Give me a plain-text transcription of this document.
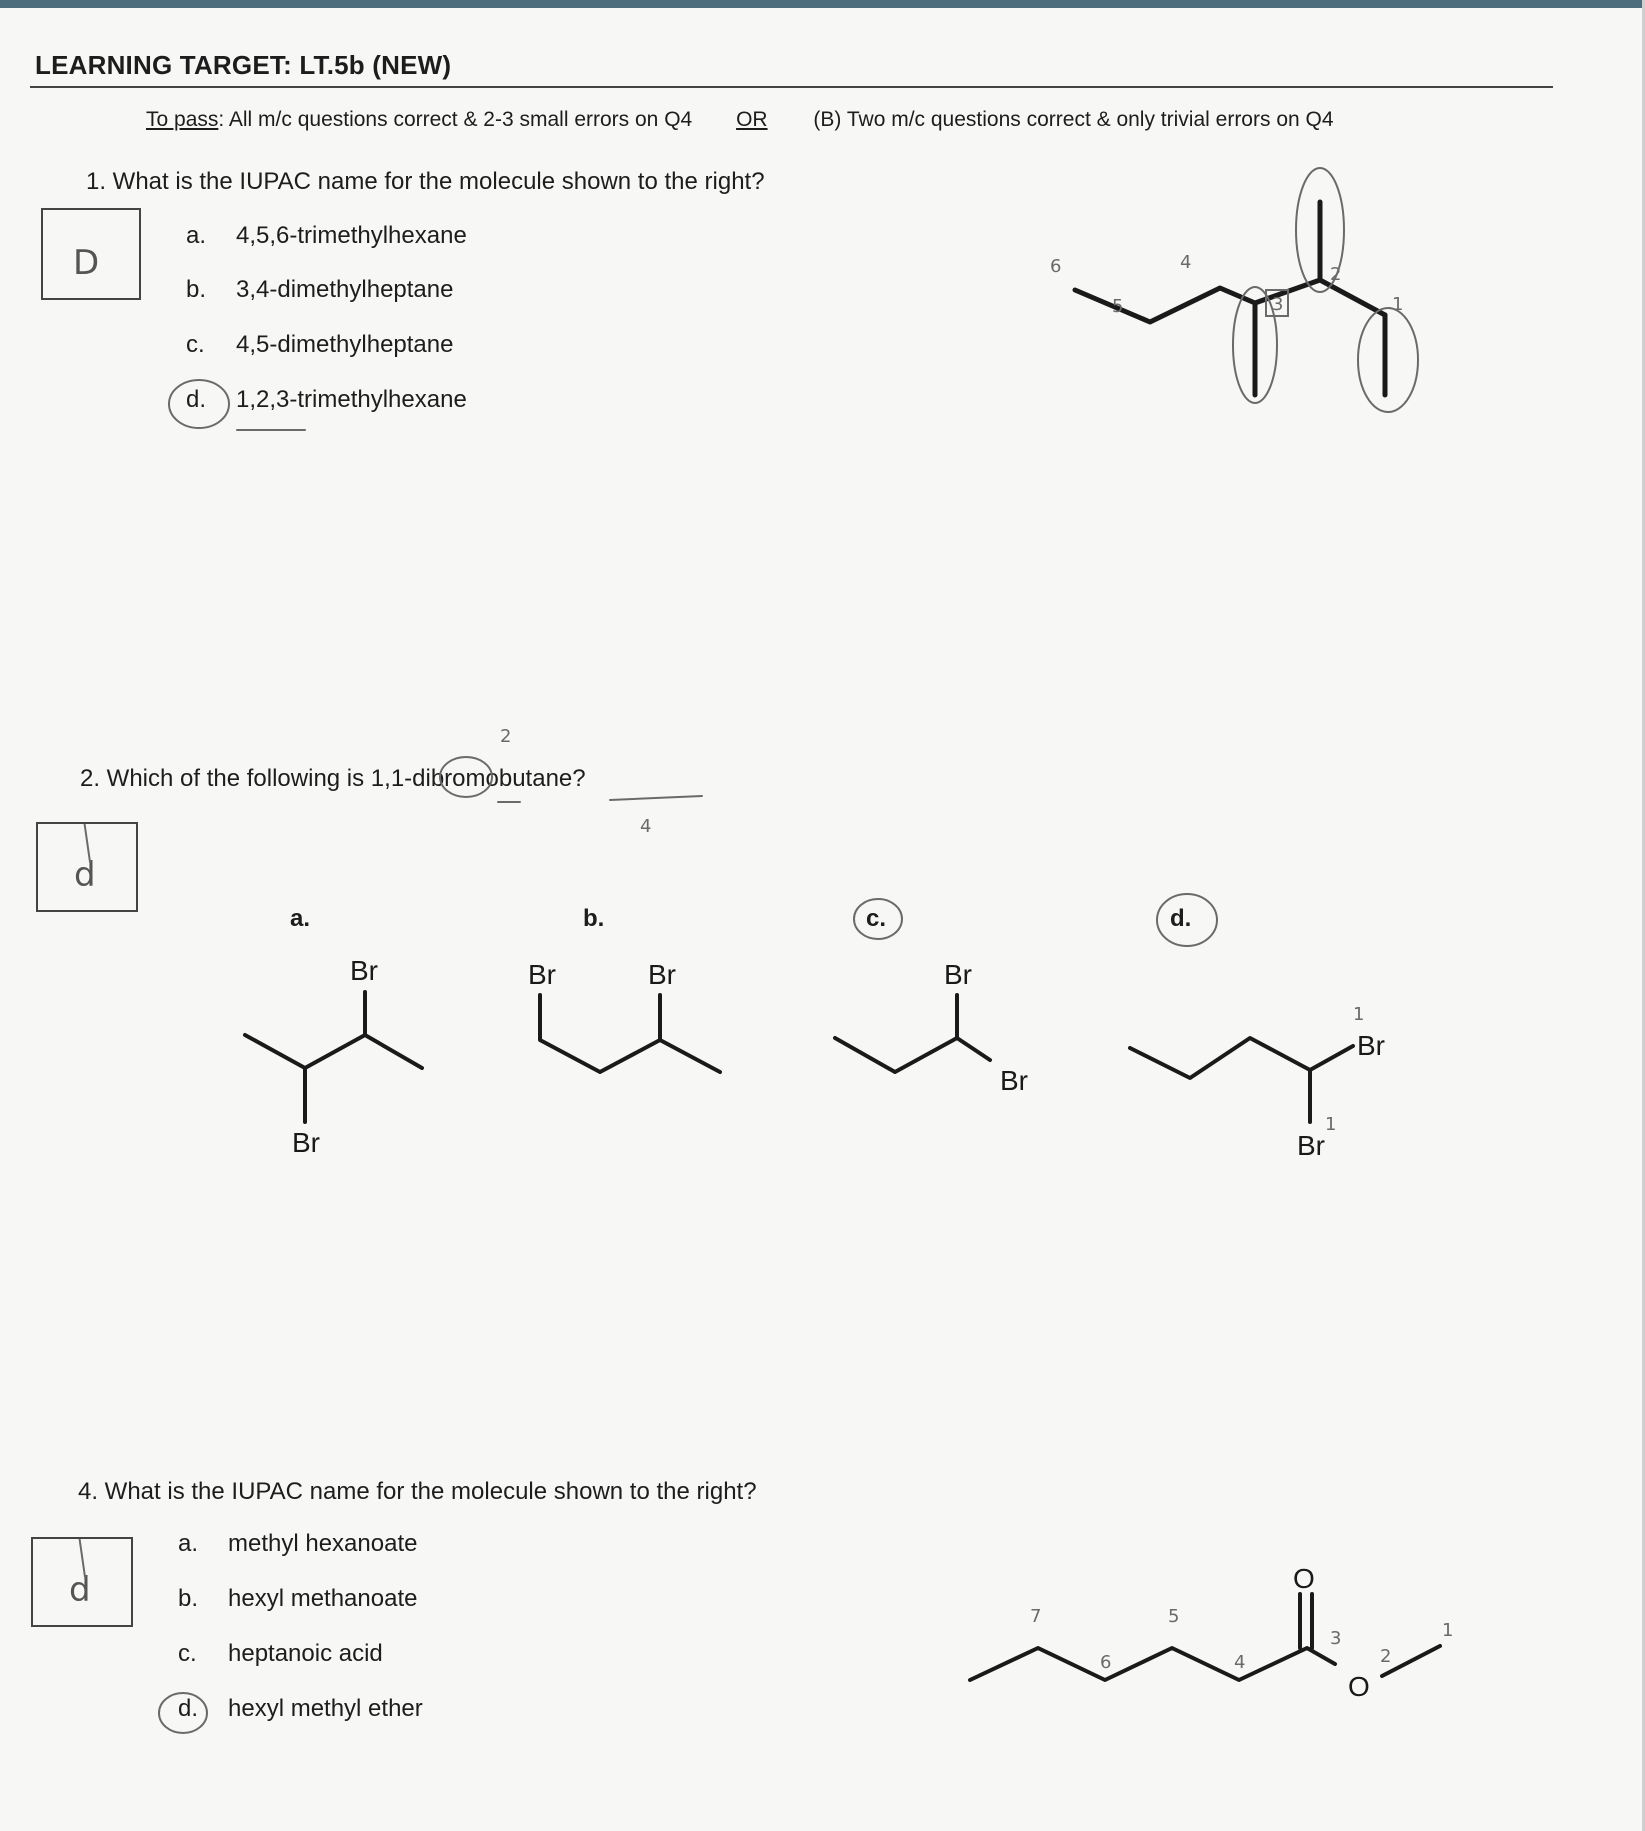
LEARNING TARGET: LT.5b (NEW)
To pass: All m/c questions correct & 2-3 small errors on Q4 OR (B) Two m/c questions correct & only trivial errors on Q4
1. What is the IUPAC name for the molecule shown to the right?
D
a. 4,5,6-trimethylhexane
b. 3,4-dimethylheptane
c. 4,5-dimethylheptane
d. 1,2,3-trimethylhexane
6
5
4
3
2
1
2. Which of the following is 1,1-dibromobutane?
2
4
d
a.	b.	c.	d.
Br
Br
Br	Br	Br
Br
Br
Br
1
1
4. What is the IUPAC name for the molecule shown to the right?
d
a. methyl hexanoate
b. hexyl methanoate
c. heptanoic acid
d. hexyl methyl ether
O
O
7
6
5
4
3
2
1
